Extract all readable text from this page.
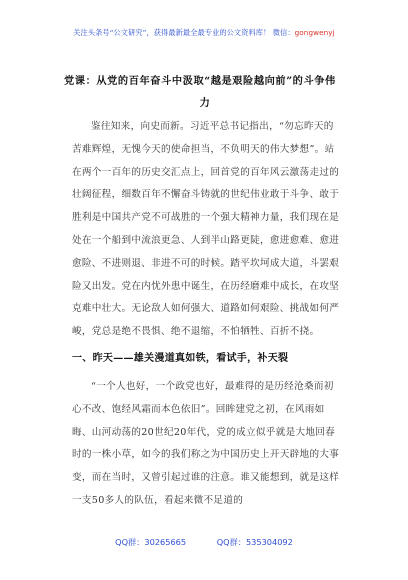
关注头条号“公文研究”，获得最新最全最专业的公文资料库！ 微信：gongwenyj
党课：从党的百年奋斗中汲取“越是艰险越向前”的斗争伟
力

鉴往知来，向史而新。习近平总书记指出，“勿忘昨天的苦难辉煌，无愧今天的使命担当，不负明天的伟大梦想”。站在两个一百年的历史交汇点上，回首党的百年风云激荡走过的壮阔征程，细数百年不懈奋斗铸就的世纪伟业敢于斗争、敢于胜利是中国共产党不可战胜的一个强大精神力量，我们现在是处在一个船到中流浪更急、人到半山路更陡，愈进愈难、愈进愈险、不进则退、非进不可的时候。踏平坎坷成大道，斗罢艰险又出发。党在内忧外患中诞生，在历经磨难中成长，在攻坚克难中壮大。无论敌人如何强大、道路如何艰险、挑战如何严峻，党总是绝不畏惧、绝不退缩，不怕牺牲、百折不挠。

一、昨天——雄关漫道真如铁，看试手，补天裂

“一个人也好，一个政党也好，最难得的是历经沧桑而初心不改、饱经风霜而本色依旧”。回眸建党之初，在风雨如晦、山河动荡的20世纪20年代，党的成立似乎就是大地回春时的一株小草，如今的我们称之为中国历史上开天辟地的大事变，而在当时，又曾引起过谁的注意。谁又能想到，就是这样一支50多人的队伍，看起来微不足道的

QQ群：30265665	QQ群：535304092
